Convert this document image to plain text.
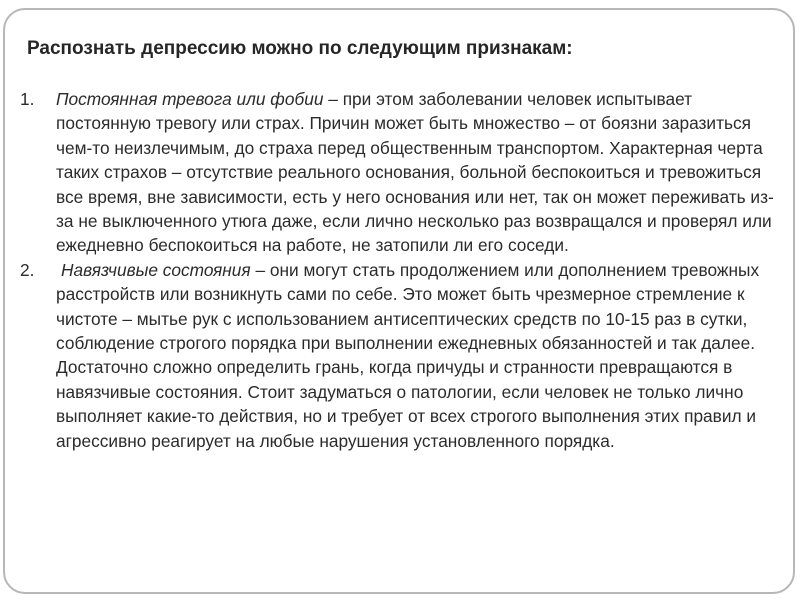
Распознать депрессию можно по следующим признакам:
1. Постоянная тревога или фобии – при этом заболевании человек испытывает постоянную тревогу или страх. Причин может быть множество – от боязни заразиться чем-то неизлечимым, до страха перед общественным транспортом. Характерная черта таких страхов – отсутствие реального основания, больной беспокоиться и тревожиться все время, вне зависимости, есть у него основания или нет, так он может переживать из-за не выключенного утюга даже, если лично несколько раз возвращался и проверял или ежедневно беспокоиться на работе, не затопили ли его соседи.
2. Навязчивые состояния – они могут стать продолжением или дополнением тревожных расстройств или возникнуть сами по себе. Это может быть чрезмерное стремление к чистоте – мытье рук с использованием антисептических средств по 10-15 раз в сутки, соблюдение строгого порядка при выполнении ежедневных обязанностей и так далее. Достаточно сложно определить грань, когда причуды и странности превращаются в навязчивые состояния. Стоит задуматься о патологии, если человек не только лично выполняет какие-то действия, но и требует от всех строгого выполнения этих правил и агрессивно реагирует на любые нарушения установленного порядка.
